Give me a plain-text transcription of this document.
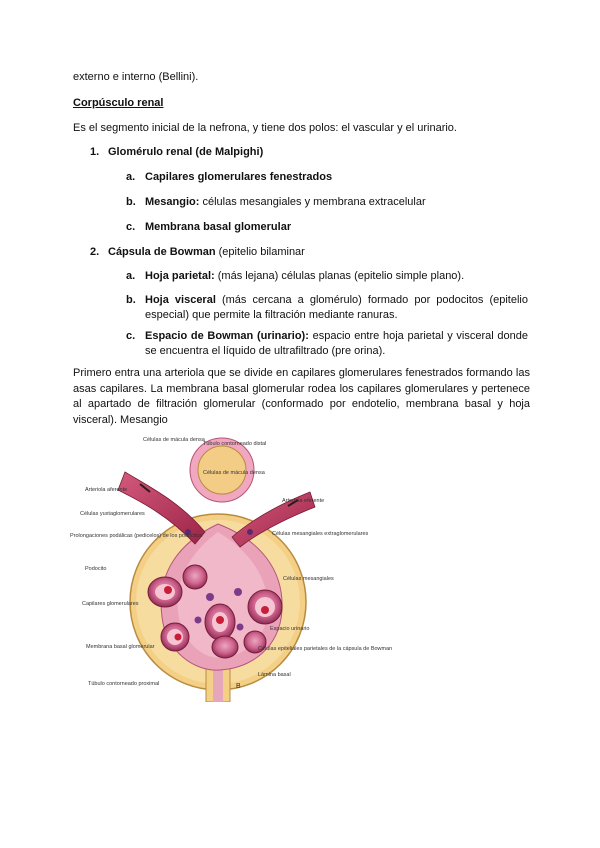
externo e interno (Bellini).
Corpúsculo renal
Es el segmento inicial de la nefrona, y tiene dos polos: el vascular y el urinario.
1. Glomérulo renal (de Malpighi)
a. Capilares glomerulares fenestrados
b. Mesangio: células mesangiales y membrana extracelular
c. Membrana basal glomerular
2. Cápsula de Bowman (epitelio bilaminar
a. Hoja parietal: (más lejana) células planas (epitelio simple plano).
b. Hoja visceral (más cercana a glomérulo) formado por podocitos (epitelio especial) que permite la filtración mediante ranuras.
c. Espacio de Bowman (urinario): espacio entre hoja parietal y visceral donde se encuentra el líquido de ultrafiltrado (pre orina).
Primero entra una arteriola que se divide en capilares glomerulares fenestrados formando las asas capilares. La membrana basal glomerular rodea los capilares glomerulares y pertenece al apartado de filtración glomerular (conformado por endotelio, membrana basal y hoja visceral). Mesangio
Células de mácula densa
Túbulo contorneado distal
Células de mácula densa
Arteriola aferente
Arteriola eferente
Células yuxtaglomerulares
Células mesangiales extraglomerulares
Prolongaciones podálicas (pedicelos) de los podocitos
Podocito
Células mesangiales
Capilares glomerulares
Espacio urinario
Membrana basal glomerular	Células epiteliales parietales de la cápsula de Bowman
Lámina basal
Túbulo contorneado proximal	B
